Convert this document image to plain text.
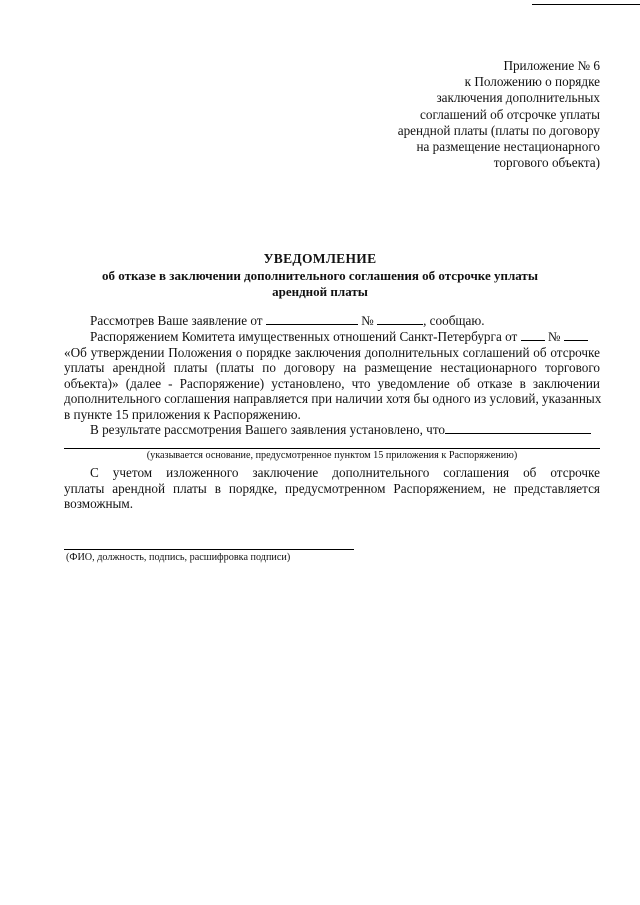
Приложение № 6
к Положению о порядке
заключения дополнительных
соглашений об отсрочке уплаты
арендной платы (платы по договору
на размещение нестационарного
торгового объекта)
УВЕДОМЛЕНИЕ
об отказе в заключении дополнительного соглашения об отсрочке уплаты
арендной платы
Рассмотрев Ваше заявление от	№	, сообщаю.
Распоряжением Комитета имущественных отношений Санкт-Петербурга от №
«Об утверждении Положения о порядке заключения дополнительных соглашений об отсрочке
уплаты арендной платы (платы по договору на размещение нестационарного торгового
объекта)» (далее - Распоряжение) установлено, что уведомление об отказе в заключении
дополнительного соглашения направляется при наличии хотя бы одного из условий, указанных
в пункте 15 приложения к Распоряжению.
В результате рассмотрения Вашего заявления установлено, что
(указывается основание, предусмотренное пунктом 15 приложения к Распоряжению)
С учетом изложенного заключение дополнительного соглашения об отсрочке
уплаты арендной платы в порядке, предусмотренном Распоряжением, не представляется
возможным.
(ФИО, должность, подпись, расшифровка подписи)
